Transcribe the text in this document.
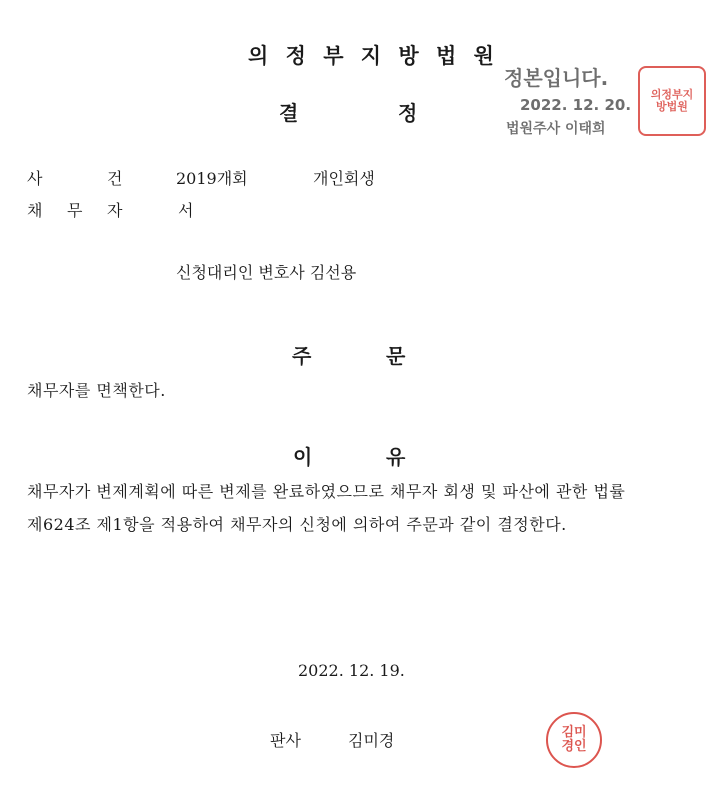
의 정 부 지 방 법 원
결	정
정본입니다.
2022. 12. 20.
법원주사 이태희
의정부지방법원
사	건	2019개회	개인회생
채 무 자	서
신청대리인 변호사 김선용
주	문
채무자를 면책한다.
이	유
채무자가 변제계획에 따른 변제를 완료하였으므로 채무자 회생 및 파산에 관한 법률
제624조 제1항을 적용하여 채무자의 신청에 의하여 주문과 같이 결정한다.
2022. 12. 19.
판사	김미경	김미경인
